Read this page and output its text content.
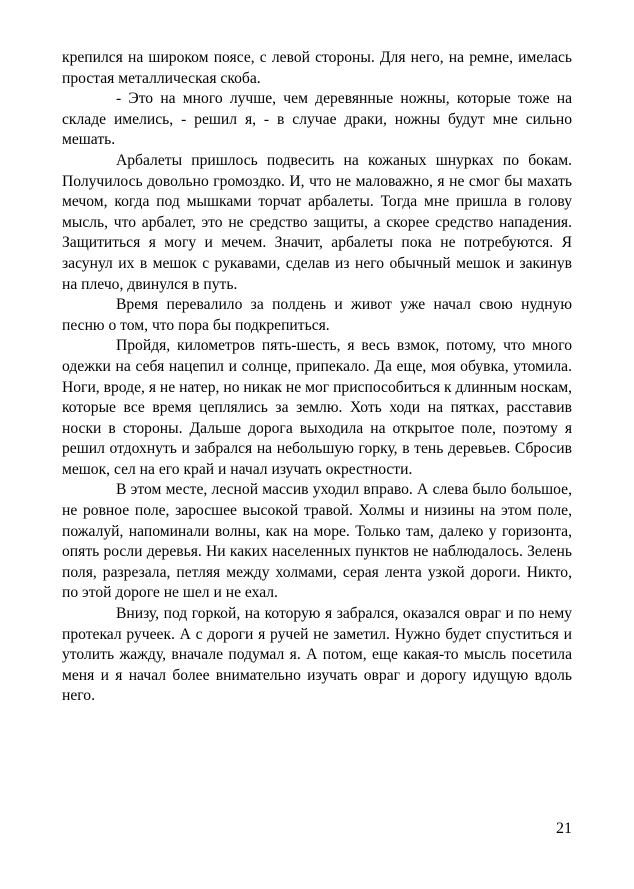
крепился на широком поясе, с левой стороны. Для него, на ремне, имелась простая металлическая скоба.

- Это на много лучше, чем деревянные ножны, которые тоже на складе имелись, - решил я, - в случае драки, ножны будут мне сильно мешать.

Арбалеты пришлось подвесить на кожаных шнурках по бокам. Получилось довольно громоздко. И, что не маловажно, я не смог бы махать мечом, когда под мышками торчат арбалеты. Тогда мне пришла в голову мысль, что арбалет, это не средство защиты, а скорее средство нападения. Защититься я могу и мечем. Значит, арбалеты пока не потребуются. Я засунул их в мешок с рукавами, сделав из него обычный мешок и закинув на плечо, двинулся в путь.

Время перевалило за полдень и живот уже начал свою нудную песню о том, что пора бы подкрепиться.

Пройдя, километров пять-шесть, я весь взмок, потому, что много одежки на себя нацепил и солнце, припекало. Да еще, моя обувка, утомила. Ноги, вроде, я не натер, но никак не мог приспособиться к длинным носкам, которые все время цеплялись за землю. Хоть ходи на пятках, расставив носки в стороны. Дальше дорога выходила на открытое поле, поэтому я решил отдохнуть и забрался на небольшую горку, в тень деревьев. Сбросив мешок, сел на его край и начал изучать окрестности.

В этом месте, лесной массив уходил вправо. А слева было большое, не ровное поле, заросшее высокой травой. Холмы и низины на этом поле, пожалуй, напоминали волны, как на море. Только там, далеко у горизонта, опять росли деревья. Ни каких населенных пунктов не наблюдалось. Зелень поля, разрезала, петляя между холмами, серая лента узкой дороги. Никто, по этой дороге не шел и не ехал.

Внизу, под горкой, на которую я забрался, оказался овраг и по нему протекал ручеек. А с дороги я ручей не заметил. Нужно будет спуститься и утолить жажду, вначале подумал я. А потом, еще какая-то мысль посетила меня и я начал более внимательно изучать овраг и дорогу идущую вдоль него.

21
